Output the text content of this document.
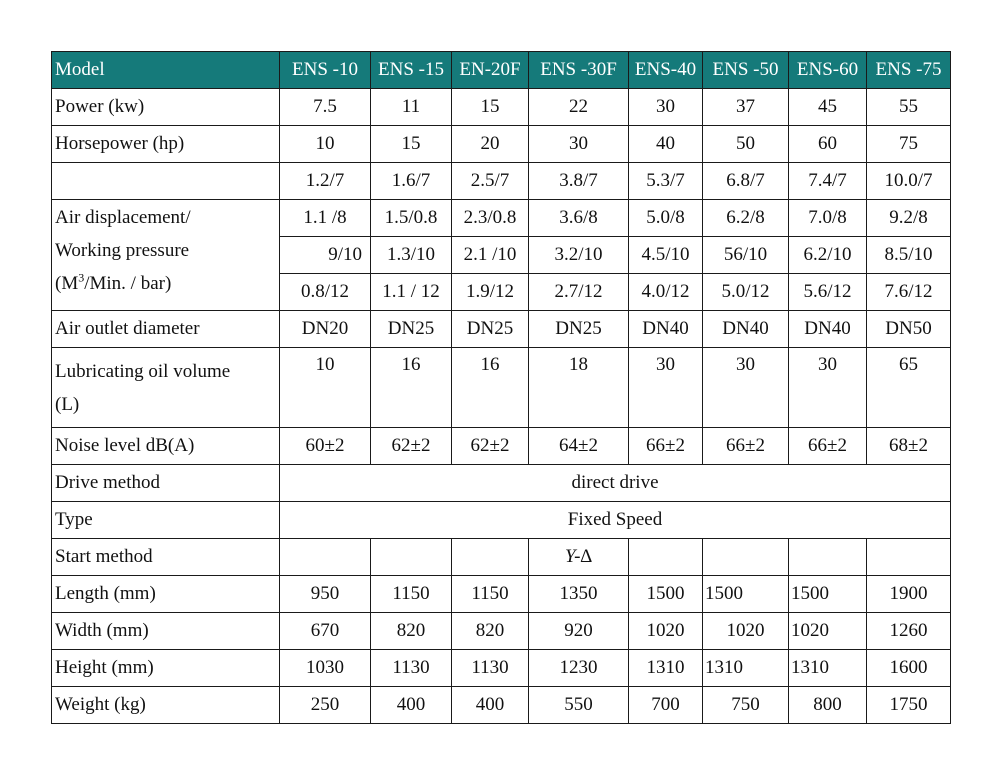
Model	ENS -10	ENS -15	EN-20F	ENS -30F	ENS-40	ENS -50	ENS-60	ENS -75
Power (kw)	7.5	11	15	22	30	37	45	55
Horsepower (hp)	10	15	20	30	40	50	60	75
	1.2/7	1.6/7	2.5/7	3.8/7	5.3/7	6.8/7	7.4/7	10.0/7
Air displacement/
Working pressure
($M^3$/Min. / bar)	1.1 /8	1.5/0.8	2.3/0.8	3.6/8	5.0/8	6.2/8	7.0/8	9.2/8
	9/10	1.3/10	2.1 /10	3.2/10	4.5/10	56/10	6.2/10	8.5/10
	0.8/12	1.1 / 12	1.9/12	2.7/12	4.0/12	5.0/12	5.6/12	7.6/12
Air outlet diameter	DN20	DN25	DN25	DN25	DN40	DN40	DN40	DN50
Lubricating oil volume
(L)	10	16	16	18	30	30	30	65
Noise level dB(A)	60±2	62±2	62±2	64±2	66±2	66±2	66±2	68±2
Drive method	direct drive							
Type	Fixed Speed							
Start method				Y-∆				
Length (mm)	950	1150	1150	1350	1500	1500	1500	1900
Width (mm)	670	820	820	920	1020	1020	1020	1260
Height (mm)	1030	1130	1130	1230	1310	1310	1310	1600
Weight (kg)	250	400	400	550	700	750	800	1750
